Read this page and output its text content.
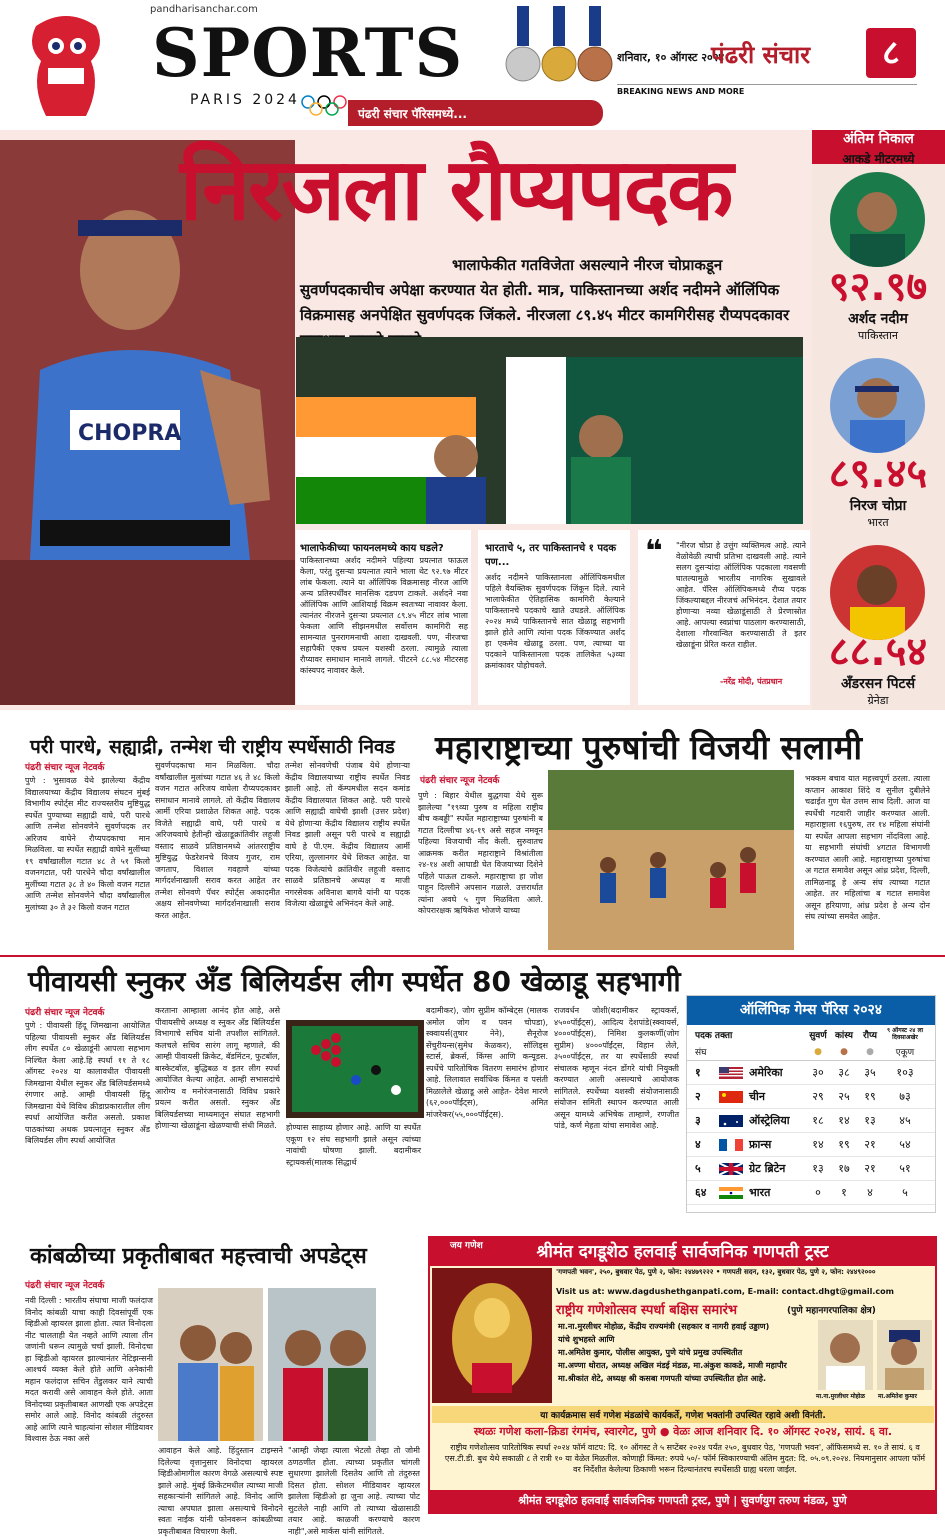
pandharisanchar.com
SPORTS
PARIS 2024
पंढरी संचार पॅरिसमध्ये...
शनिवार, १० ऑगस्ट २०२४
पंढरी संचार	८
BREAKING NEWS AND MORE
CHOPRA
निरजला रौप्यपदक
भालाफेकीत गतविजेता असल्याने नीरज चोप्राकडून सुवर्णपदकाचीच अपेक्षा करण्यात येत होती. मात्र, पाकिस्तानच्या अर्शद नदीमने ऑलिंपिक विक्रमासह अनपेक्षित सुवर्णपदक जिंकले. नीरजला ८९.४५ मीटर कामगिरीसह रौप्यपदकावर
भालाफेकीच्या फायनलमध्ये काय घडले?
पाकिस्तानच्या अर्शद नदीमने पहिल्या प्रयत्नात फाऊल केला, परंतु दुसऱ्या प्रयत्नात त्याने भाला थेट ९२.९७ मीटर लांब फेकला. त्याने या ऑलिंपिक विक्रमासह नीरज आणि अन्य प्रतिस्पर्धींवर मानसिक दडपण टाकले. अर्शदने नवा ऑलिंपिक आणि आशियाई विक्रम स्वतःच्या नावावर केला. त्यानंतर नीरजने दुसऱ्या प्रयत्नात ८९.४५ मीटर लांब भाला फेकला आणि सीझनमधील सर्वोत्तम कामगिरी सह सामन्यात पुनरागमनाची आशा दाखवली. पण, नीरजचा सहापैकी एकच प्रयत्न यशस्वी ठरला. त्यामुळे त्याला रौप्यावर समाधान मानावे लागले. पीटरने ८८.५४ मीटरसह कांस्यपद नावावर केले.
भारताचे ५, तर पाकिस्तानचे १ पदक पण...
अर्शद नदीमने पाकिस्तानला ऑलिंपिकमधील पहिले वैयक्तिक सुवर्णपदक जिंकून दिले. त्याने भालाफेकीत ऐतिहासिक कामगिरी केल्याने पाकिस्तानचे पदकाचे खाते उघडले. ऑलिंपिक २०२४ मध्ये पाकिस्तानचे सात खेळाडू सहभागी झाले होते आणि त्यांना पदक जिंकण्यात अर्शद हा एकमेव खेळाडू ठरला. पण, त्याच्या या पदकाने पाकिस्तानला पदक तालिकेत ५३व्या क्रमांकावर पोहोचवले.
❝ "नीरज चोप्रा हे उत्तुंग व्यक्तिमत्व आहे. त्याने वेळोवेळी त्याची प्रतिभा दाखवली आहे. त्याने सलग दुसऱ्यांदा ऑलिंपिक पदकाला गवसणी घातल्यामुळे भारतीय नागरिक सुखावले आहेत. पॅरिस ऑलिंपिकमध्ये रौप्य पदक जिंकल्याबद्दल नीरजचं अभिनंदन. देशात तयार होणाऱ्या नव्या खेळाडूंसाठी ते प्रेरणास्रोत आहे. आपल्या स्वप्नांचा पाठलाग करण्यासाठी, देशाला गौरवान्वित करण्यासाठी ते इतर खेळाडूंना प्रेरित करत राहील.
-नरेंद्र मोदी, पंतप्रधान
अंतिम निकाल
आकडे मीटरमध्ये
९२.९७
अर्शद नदीम
पाकिस्तान
८९.४५
निरज चोप्रा
भारत
८८.५४
अँडरसन पिटर्स
ग्रेनेडा
परी पारधे, सह्याद्री, तन्मेश ची राष्ट्रीय स्पर्धेसाठी निवड
पंढरी संचार न्यूज नेटवर्क
पुणे : भुसावळ येथे झालेल्या केंद्रीय विद्यालयाच्या केंद्रीय विद्यालय संघटन मुंबई विभागीय स्पोर्ट्स मीट राज्यस्तरीय मुष्टियुद्ध स्पर्धेत पुण्याच्या सह्याद्री वाघे, परी पारधे आणि तन्मेश सोनवणेने सुवर्णपदक तर अरिजय वाघेने रौप्यपदकाचा मान मिळविला. या स्पर्धेत सह्याद्री वाघेने मुलींच्या १९ वर्षांखालील गटात ४८ ते ५१ किलो वजनगटात, परी पारधेने चौदा वर्षांखालील मुलींच्या गटात ३८ ते ४० किलो वजन गटात आणि तन्मेश सोनवणेने चौदा वर्षांखालील मुलांच्या ३० ते ३२ किलो वजन गटात
सुवर्णपदकाचा मान मिळविला. चौदा वर्षांखालील मुलांच्या गटात ४६ ते ४८ किलो वजन गटात अरिजय वाघेला रौप्यपदकावर समाधान मानावे लागले. तो केंद्रीय विद्यालय आर्मी एरिया प्रशाळेत शिकत आहे. पदक विजेते सह्याद्री वाघे, परी पारधे व अरिजयवाघे हेतीन्ही खेळाडूक्रांतिवीर लहूजी वस्ताद साळवे प्रतिष्ठानमध्ये आंतरराष्ट्रीय मुष्टियुद्ध फेडरेशनचे विजय गुजर, राम जगताप, विशाल गवहाणे यांच्या मार्गदर्शनाखाली सराव करत आहेत तर तन्मेश सोनवणे पॅथर स्पोर्ट्स अकादमीत अक्षय सोनवणेच्या मार्गदर्शनाखाली सराव करत आहेत.
तन्मेश सोनवणेची पंजाब येथे होणाऱ्या केंद्रीय विद्यालयाच्या राष्ट्रीय स्पर्धेत निवड झाली आहे. तो कॅम्पमधील सदन कमांड केंद्रीय विद्यालयात शिकत आहे. परी पारधे आणि सह्याद्री वाघेची झाशी (उत्तर प्रदेश) येथे होणाऱ्या केंद्रीय विद्यालय राष्ट्रीय स्पर्धेत निवड झाली असून परी पारधे व सह्याद्री वाघे हे पी.एम. केंद्रीय विद्यालय आर्मी एरिया, लुल्लानगर येथे शिकत आहेत. या पदक विजेत्यांचे क्रांतिवीर लहूजी वस्ताद साळवे प्रतिष्ठानचे अध्यक्ष व माजी नगरसेवक अविनाश बागवे यांनी या पदक विजेत्या खेळाडूंचे अभिनंदन केले आहे.
महाराष्ट्राच्या पुरुषांची विजयी सलामी
पंढरी संचार न्यूज नेटवर्क
पुणे : बिहार येथील बुद्धगया येथे सुरू झालेल्या "१९व्या पुरुष व महिला राष्ट्रीय बीच कबड्डी" स्पर्धेत महाराष्ट्राच्या पुरुषांनी ब गटात दिल्लीचा ४६-१९ असे सहज नमवून पहिल्या विजयाची नोंद केली. सुरुवातच आक्रमक करीत महाराष्ट्राने विश्रांतीला २४-१४ अशी आघाडी घेत विजयाच्या दिशेने पहिले पाऊल टाकले. महाराष्ट्राचा हा जोश पाहून दिल्लीने अपसान गळाले. उत्तरार्धात त्यांना अवघे ५ गुण मिळविता आले. कोपरारक्षक ऋषिकेश भोजणे याच्या
भक्कम बचाव यात महत्त्वपूर्ण ठरला. त्याला कप्तान आकाश शिंदे व सुनील दुबीलेने चढाईत गुण घेत उत्तम साथ दिली. आज या स्पर्धेची गटवारी जाहीर करण्यात आली. महाराष्ट्राला १६पुरुष, तर १४ महिला संघांनी या स्पर्धेत आपला सहभाग नोंदविला आहे. या सहभागी संघांची ४गटात विभागणी करण्यात आली आहे. महाराष्ट्राच्या पुरुषांचा अ गटात समावेश असून आंध्र प्रदेश, दिल्ली, तामिळनाडू हे अन्य संघ त्याच्या गटात आहेत. तर महिलांचा ब गटात समावेश असून हरियाणा, आंध्र प्रदेश हे अन्य दोन संघ त्यांच्या समवेत आहेत.
पीवायसी स्नुकर अँड बिलियर्डस लीग स्पर्धेत 80 खेळाडू सहभागी
पंढरी संचार न्यूज नेटवर्क
पुणे : पीवायसी हिंदू जिमखाना आयोजित पहिल्या पीवायसी स्नुकर अँड बिलियर्डस लीग स्पर्धेत ८० खेळाडूंनी आपला सहभाग निश्चित केला आहे.हि स्पर्धा ११ ते १८ ऑगस्ट २०२४ या कालावधीत पीवायसी जिमखाना येथील स्नुकर अँड बिलियर्डसमध्ये रंगणार आहे. आम्ही पीवायसी हिंदू जिमखाना येथे विविध क्रीडाप्रकारातील लीग स्पर्धा आयोजित करीत असतो. प्रकाश पाठकांच्या अथक प्रयत्नातून स्नुकर अँड बिलियर्डस लीग स्पर्धा आयोजित
करताना आम्हाला आनंद होत आहे, असे पीवायसीचे अध्यक्ष व स्नुकर अँड बिलियर्डस विभागाचे सचिव यांनी तपशील सांगितले. कलचले सचिव सारंग लागू म्हणाले, की आम्ही पीवायसी क्रिकेट, बॅडमिंटन, फुटबॉल, बास्केटबॉल, बुद्धिबळ व इतर लीग स्पर्धा आयोजित केल्या आहेत. आम्ही सभासदांचे आरोग्य व मनोरंजनासाठी विविध प्रकारे प्रयत्न करीत असतो. स्नुकर अँड बिलियर्डसच्या माध्यमातून संघात सहभागी होणाऱ्या खेळाडूंना खेळण्याची संधी मिळते.	होण्यास साहाय्य होणार आहे. आणि या स्पर्धेत एकूण १२ संघ सहभागी झाले असून त्यांच्या नावांची घोषणा झाली. बदामीकर स्ट्रायकर्स(मालक सिद्धार्थ
बदामीकर), जोग सुप्रीम कॉम्बेट्स (मालक अमोल जोग व पवन चोपडा), स्क्वायर्स(तुषार नेने), सैनूरोज सेंचुरीयन्स(सुमेध केळकर), सॉलिड्स स्टार्स, ब्रेकर्स, किंग्स आणि कन्यूडस. स्पर्धेचे पारितोषिक वितरण समारंभ होणार आहे. लिलावात सर्वाधिक किंमत व पसंती मिळालेले खेळाडू असे आहेत- देवेश मारणे (६२,०००पॉईंट्स), अमित मांजरेकर(५५,०००पॉईंट्स).
राजवर्धन जोशी(बदामीकर स्ट्रायकर्स, ४५००पॉईंट्स), आदित्य देशपांडे(स्क्वायर्स, ४०००पॉईंट्स), निमिश कुलकर्णी(जोग सुप्रीम) ४०००पॉईंट्स, विहान लेले, ३५००पॉईंट्स, तर या स्पर्धेसाठी स्पर्धा संचालक म्हणून नंदन डोंगरे यांची नियुक्ती करण्यात आली असल्याचे आयोजक सांगितले. स्पर्धेच्या यशस्वी संयोजनासाठी संयोजन समिती स्थापन करण्यात आली असून यामध्ये अभिषेक ताम्हाणे, रणजीत पांडे, कर्ण मेहता यांचा समावेश आहे.
ऑलिंपिक गेम्स पॅरिस २०२४
पदक तक्ता	सुवर्ण कांस्य	रौप्य	९ ऑगस्ट २४ ला दिवसाअखेर
संघ	●	●	●	एकूण
१	अमेरिका	३०	३८	३५	१०३
२	चीन	२९	२५	१९	७३
३	ऑस्ट्रेलिया	१८	१४	१३	४५
४	फ्रान्स	१४	१९	२१	५४
५	ग्रेट ब्रिटेन	१३	१७	२१	५१
६४	भारत	०	१	४	५
कांबळीच्या प्रकृतीबाबत महत्त्वाची अपडेट्स
पंढरी संचार न्यूज नेटवर्क
नवी दिल्ली : भारतीय संघाचा माजी फलंदाज विनोद कांबळी याचा काही दिवसांपूर्वी एक व्हिडीओ व्हायरल झाला होता. त्यात विनोदला नीट चालताही येत नव्हते आणि त्याला तीन जणांनी धरून त्यामुळे चर्चा झाली. विनोदचा हा व्हिडीओ व्हायरल झाल्यानंतर नेटिझन्सनी आश्चर्य व्यक्त केले होते आणि अनेकांनी महान फलंदाज सचिन तेंडुलकर याने त्याची मदत करावी असे आवाहन केले होते. आता विनोदच्या प्रकृतीबाबत आणखी एक अपडेट्स समोर आले आहे. विनोद कांबळी तंदुरुस्त आहे आणि त्याने चाहत्यांना सोशल मीडियावर विश्वास ठेऊ नका असे
आवाहन केले आहे. हिंदुस्तान टाइम्सने दिलेल्या वृत्तानुसार विनोदचा व्हायरल व्हिडीओमागील कारण वेगळे असल्याचे स्पष्ट झाले आहे. मुंबई क्रिकेटमधील त्याच्या माजी सहकाऱ्यांनी सांगितले आहे. विनोद आणि त्याचा अपघात झाला असल्याचे विनोदने स्वतः नाईक यांनी फोनवरून कांबळीच्या प्रकृतीबाबत विचारणा केली.
"आम्ही जेव्हा त्याला भेटलो तेव्हा तो जोमी ठणठणीत होता. त्याच्या प्रकृतीत चांगली सुधारणा झालेली दिसतेय आणि तो तंदुरुस्त दिसत होता. सोशल मीडियावर व्हायरल झालेला व्हिडीओ हा जुना आहे. त्याच्या पोट सुटलेले नाही आणि तो त्याच्या खेळासाठी तयार आहे. काळजी करण्याचे कारण नाही",असे मार्कस यांनी सांगितले.
जय गणेश	श्रीमंत दगडूशेठ हलवाई सार्वजनिक गणपती ट्रस्ट
'गणपती भवन', २५०, बुधवार पेठ, पुणे २, फोन: २४४७९२२२ • गणपती सदन, १३२, बुधवार पेठ, पुणे २, फोन: २४४९२०००
Visit us at: www.dagdushethganpati.com, E-mail: contact.dhgt@gmail.com
राष्ट्रीय गणेशोत्सव स्पर्धा बक्षिस समारंभ	(पुणे महानगरपालिका क्षेत्र)
मा.ना.मुरलीधर मोहोळ, केंद्रीय राज्यमंत्री (सहकार व नागरी हवाई उड्डाण)
यांचे शुभहस्ते आणि
मा.अमितेश कुमार, पोलीस आयुक्त, पुणे यांचे प्रमुख उपस्थितीत
मा.अण्णा थोरात, अध्यक्ष अखिल मंडई मंडळ, मा.अंकुश काकडे, माजी महापौर
मा.श्रीकांत शेटे, अध्यक्ष श्री कसबा गणपती यांच्या उपस्थितीत होत आहे.
मा.ना.मुरलीधर मोहोळ मा.अमितेश कुमार
या कार्यक्रमास सर्व गणेश मंडळांचे कार्यकर्ते, गणेश भक्तांनी उपस्थित रहावे अशी विनंती.
स्थळः गणेश कला-क्रिडा रंगमंच, स्वारगेट, पुणे ● वेळः आज शनिवार दि. १० ऑगस्ट २०२४, सायं. ६ वा.
राष्ट्रीय गणेशोत्सव पारितोषिक स्पर्धा २०२४ फॉर्म वाटप: दि. १० ऑगस्ट ते ५ सप्टेंबर २०२४ पर्यंत २५०, बुधवार पेठ, 'गणपती भवन', ऑफिसमध्ये स. १० ते सायं. ६ व एस.टी.डी. बुथ येथे सकाळी ८ ते रात्री १० या वेळेत मिळतील. कोणाही किंमत: रुपये ५०/- फॉर्म स्विकारण्याची अंतिम मुदत: दि. ०५.०९.२०२४. नियमानुसार आपला फॉर्म वर निर्देशीत केलेल्या ठिकाणी भरून दिल्यानंतरच स्पर्धेसाठी ग्राह्य धरला जाईल.
श्रीमंत दगडूशेठ हलवाई सार्वजनिक गणपती ट्रस्ट, पुणे | सुवर्णयुग तरुण मंडळ, पुणे
